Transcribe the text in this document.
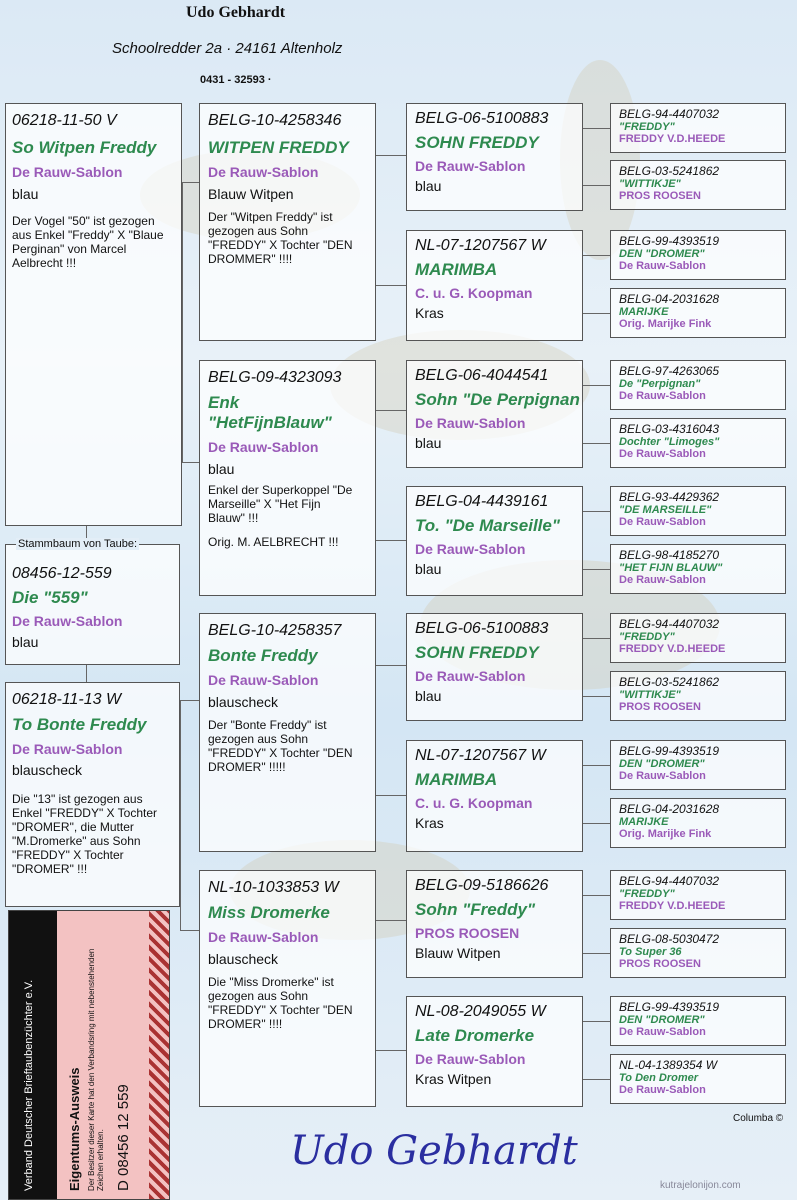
Udo Gebhardt
Schoolredder 2a · 24161 Altenholz
0431 - 32593 ·
06218-11-50 V
So Witpen Freddy
De Rauw-Sablon
blau
Der Vogel "50" ist gezogen aus Enkel "Freddy" X "Blaue Perginan" von Marcel Aelbrecht !!!
Stammbaum von Taube:
08456-12-559
Die "559"
De Rauw-Sablon
blau
06218-11-13 W
To Bonte Freddy
De Rauw-Sablon
blauscheck
Die "13" ist gezogen aus Enkel "FREDDY" X Tochter "DROMER", die Mutter "M.Dromerke" aus Sohn "FREDDY" X Tochter "DROMER" !!!
BELG-10-4258346
WITPEN FREDDY
De Rauw-Sablon
Blauw Witpen
Der "Witpen Freddy" ist gezogen aus Sohn "FREDDY" X Tochter "DEN DROMMER" !!!!
BELG-09-4323093
Enk "HetFijnBlauw"
De Rauw-Sablon
blau
Enkel der Superkoppel "De Marseille" X "Het Fijn Blauw" !!!
Orig. M. AELBRECHT !!!
BELG-10-4258357
Bonte Freddy
De Rauw-Sablon
blauscheck
Der "Bonte Freddy" ist gezogen aus Sohn "FREDDY" X Tochter "DEN DROMER" !!!!!
NL-10-1033853 W
Miss Dromerke
De Rauw-Sablon
blauscheck
Die "Miss Dromerke" ist gezogen aus Sohn "FREDDY" X Tochter "DEN DROMER" !!!!
BELG-06-5100883
SOHN FREDDY
De Rauw-Sablon
blau
NL-07-1207567 W
MARIMBA
C. u. G. Koopman
Kras
BELG-06-4044541
Sohn "De Perpignan
De Rauw-Sablon
blau
BELG-04-4439161
To. "De Marseille"
De Rauw-Sablon
blau
BELG-06-5100883
SOHN FREDDY
De Rauw-Sablon
blau
NL-07-1207567 W
MARIMBA
C. u. G. Koopman
Kras
BELG-09-5186626
Sohn "Freddy"
PROS ROOSEN
Blauw Witpen
NL-08-2049055 W
Late Dromerke
De Rauw-Sablon
Kras Witpen
BELG-94-4407032
"FREDDY"
FREDDY V.D.HEEDE
BELG-03-5241862
"WITTIKJE"
PROS ROOSEN
BELG-99-4393519
DEN "DROMER"
De Rauw-Sablon
BELG-04-2031628
MARIJKE
Orig. Marijke Fink
BELG-97-4263065
De "Perpignan"
De Rauw-Sablon
BELG-03-4316043
Dochter "Limoges"
De Rauw-Sablon
BELG-93-4429362
"DE MARSEILLE"
De Rauw-Sablon
BELG-98-4185270
"HET FIJN BLAUW"
De Rauw-Sablon
BELG-94-4407032
"FREDDY"
FREDDY V.D.HEEDE
BELG-03-5241862
"WITTIKJE"
PROS ROOSEN
BELG-99-4393519
DEN "DROMER"
De Rauw-Sablon
BELG-04-2031628
MARIJKE
Orig. Marijke Fink
BELG-94-4407032
"FREDDY"
FREDDY V.D.HEEDE
BELG-08-5030472
To Super 36
PROS ROOSEN
BELG-99-4393519
DEN "DROMER"
De Rauw-Sablon
NL-04-1389354 W
To Den Dromer
De Rauw-Sablon
Verband Deutscher Brieftaubenzüchter e.V. Eigentums-Ausweis Der Besitzer dieser Karte hat den Verbandsring mit nebenstehenden Zeichen erhalten. D 08456 12 559	Columba ©
Udo Gebhardt
kutrajelonijon.com
